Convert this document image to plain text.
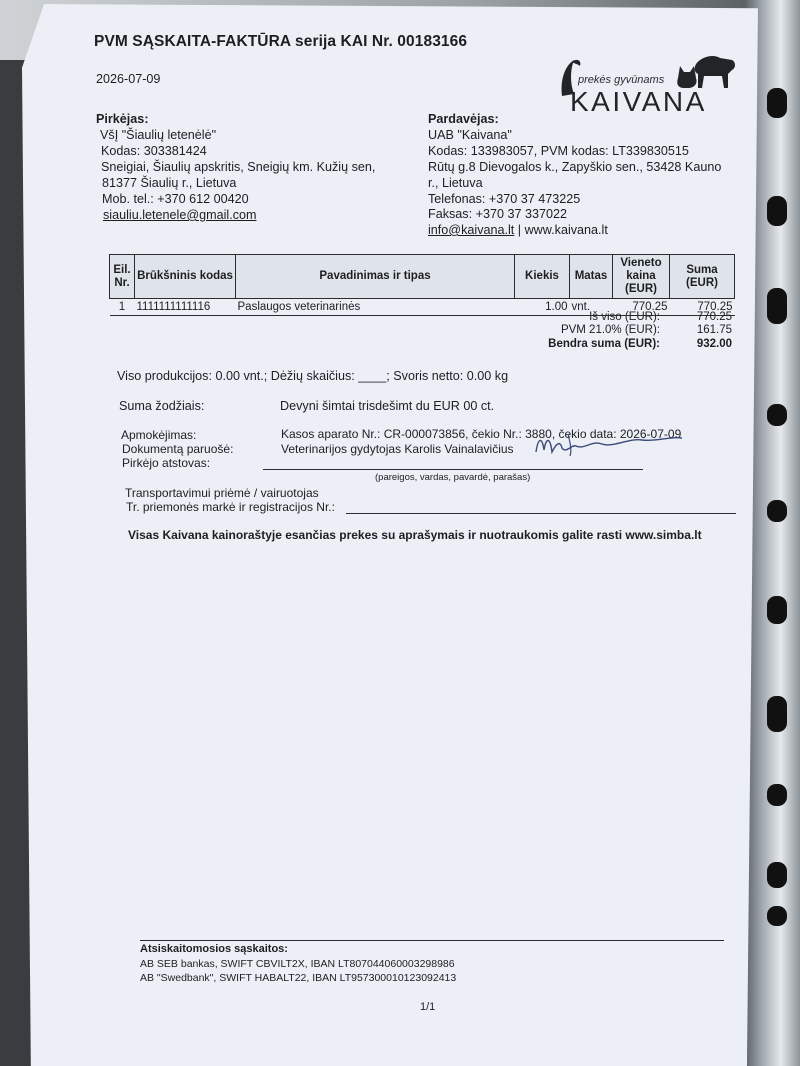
PVM SĄSKAITA-FAKTŪRA serija KAI Nr. 00183166
2026-07-09	prekės gyvūnams
KAIVANA
Pirkėjas:
VšĮ "Šiaulių letenėlė"
Kodas: 303381424
Sneigiai, Šiaulių apskritis, Sneigių km. Kužių sen,
81377 Šiaulių r., Lietuva
Mob. tel.: +370 612 00420
siauliu.letenele@gmail.com
Pardavėjas:
UAB "Kaivana"
Kodas: 133983057, PVM kodas: LT339830515
Rūtų g.8 Dievogalos k., Zapyškio sen., 53428 Kauno
r., Lietuva
Telefonas: +370 37 473225
Faksas: +370 37 337022
info@kaivana.lt | www.kaivana.lt
Eil. Nr.	Brūkšninis kodas	Pavadinimas ir tipas	Kiekis	Matas	Vieneto kaina (EUR)	Suma (EUR)
1	1111111111116	Paslaugos veterinarinės	1.00	vnt.	770.25	770.25
Iš viso (EUR):	770.25
PVM 21.0% (EUR):	161.75
Bendra suma (EUR):	932.00
Viso produkcijos: 0.00 vnt.; Dėžių skaičius: ____; Svoris netto: 0.00 kg
Suma žodžiais:	Devyni šimtai trisdešimt du EUR 00 ct.
Apmokėjimas:	Kasos aparato Nr.: CR-000073856, čekio Nr.: 3880, čekio data: 2026-07-09
Dokumentą paruošė:	Veterinarijos gydytojas Karolis Vainalavičius
Pirkėjo atstovas:
(pareigos, vardas, pavardė, parašas)
Transportavimui priėmė / vairuotojas
Tr. priemonės markė ir registracijos Nr.:
Visas Kaivana kainoraštyje esančias prekes su aprašymais ir nuotraukomis galite rasti www.simba.lt
Atsiskaitomosios sąskaitos:
AB SEB bankas, SWIFT CBVILT2X, IBAN LT807044060003298986
AB "Swedbank", SWIFT HABALT22, IBAN LT957300010123092413
1/1
